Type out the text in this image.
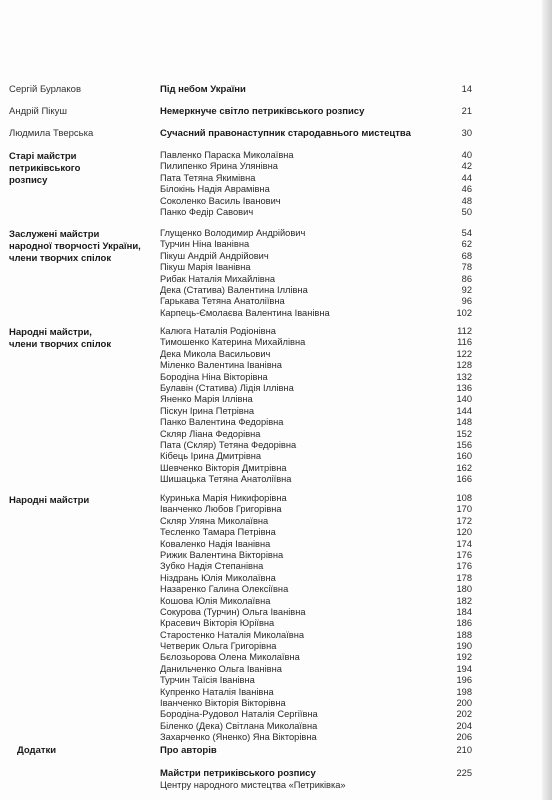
Сергій Бурлаков	Під небом України	14
Андрій Пікуш	Немеркнуче світло петриківського розпису	21
Людмила Тверська	Сучасний правонаступник стародавнього мистецтва	30
Старі майстри
петриківського
розпису
Павленко Параска Миколаївна	40
Пилипенко Ярина Улянівна	42
Пата Тетяна Якимівна	44
Білокінь Надія Аврамівна	46
Соколенко Василь Іванович	48
Панко Федір Савович	50
Заслужені майстри
народної творчості України,
члени творчих спілок
Глущенко Володимир Андрійович	54
Турчин Ніна Іванівна	62
Пікуш Андрій Андрійович	68
Пікуш Марія Іванівна	78
Рибак Наталія Михайлівна	86
Дека (Статива) Валентина Іллівна	92
Гарькава Тетяна Анатоліївна	96
Карпець-Ємолаєва Валентина Іванівна	102
Народні майстри,
члени творчих спілок
Калюга Наталія Родіонівна	112
Тимошенко Катерина Михайлівна	116
Дека Микола Васильович	122
Міленко Валентина Іванівна	128
Бородіна Ніна Вікторівна	132
Булавін (Статива) Лідія Іллівна	136
Яненко Марія Іллівна	140
Піскун Ірина Петрівна	144
Панко Валентина Федорівна	148
Скляр Ліана Федорівна	152
Пата (Скляр) Тетяна Федорівна	156
Кібець Ірина Дмитрівна	160
Шевченко Вікторія Дмитрівна	162
Шишацька Тетяна Анатоліївна	166
Народні майстри	Куринька Марія Никифорівна	108
Іванченко Любов Григорівна	170
Скляр Уляна Миколаївна	172
Тесленко Тамара Петрівна	120
Коваленко Надія Іванівна	174
Рижик Валентина Вікторівна	176
Зубко Надія Степанівна	176
Ніздрань Юлія Миколаївна	178
Назаренко Галина Олексіївна	180
Кошова Юлія Миколаївна	182
Сокурова (Турчин) Ольга Іванівна	184
Красевич Вікторія Юріївна	186
Старостенко Наталія Миколаївна	188
Четверик Ольга Григорівна	190
Бєлозьорова Олена Миколаївна	192
Данильченко Ольга Іванівна	194
Турчин Таїсія Іванівна	196
Купренко Наталія Іванівна	198
Іванченко Вікторія Вікторівна	200
Бородіна-Рудовол Наталія Сергіївна	202
Біленко (Дека) Світлана Миколаївна	204
Захарченко (Яненко) Яна Вікторівна	206
Додатки	Про авторів	210
Майстри петриківського розпису	225
Центру народного мистецтва «Петриківка»
